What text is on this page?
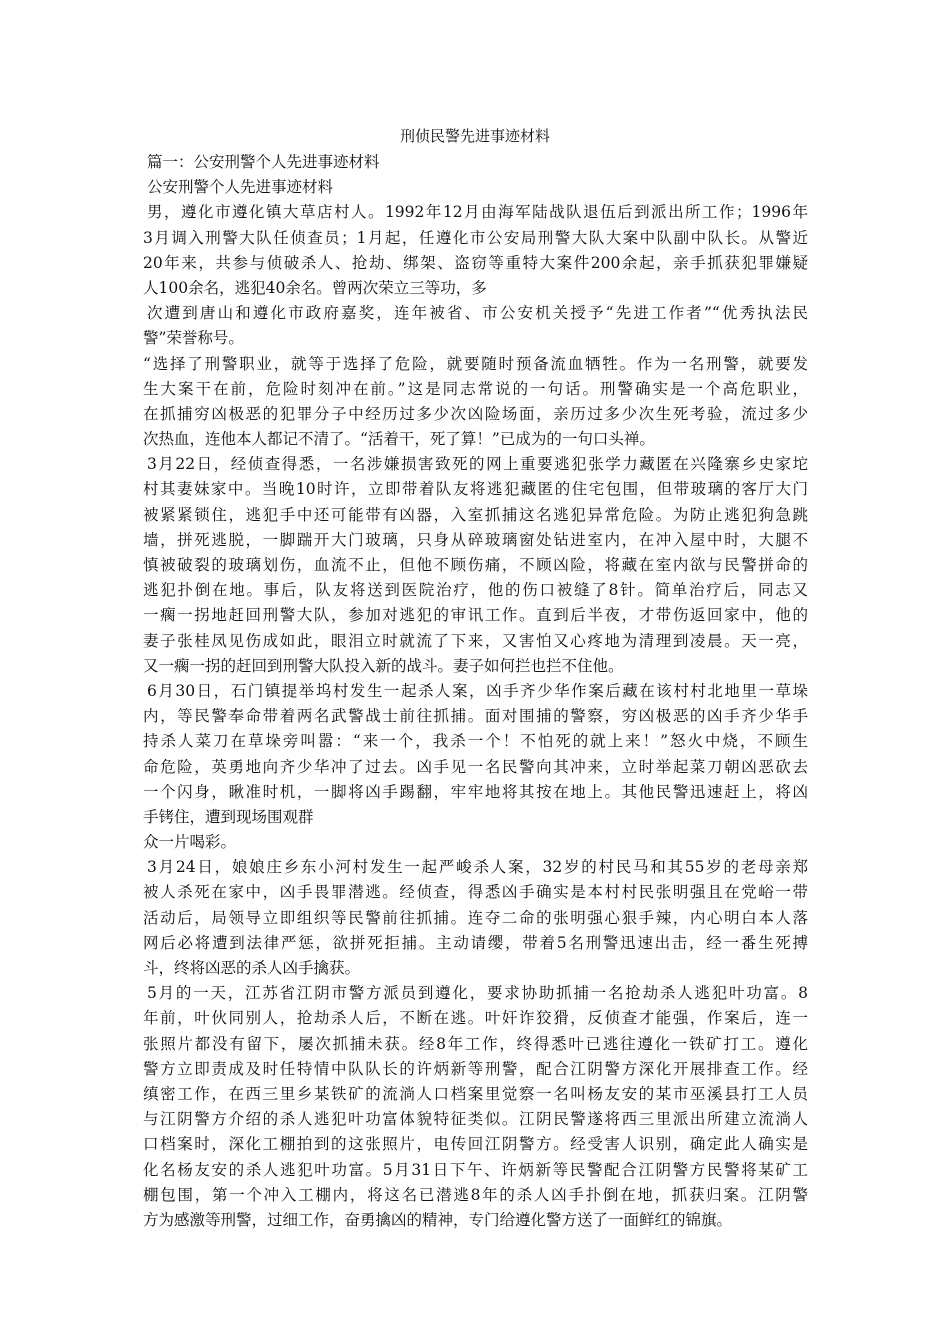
刑侦民警先进事迹材料
篇一：公安刑警个人先进事迹材料
公安刑警个人先进事迹材料
男，遵化市遵化镇大草店村人。1992年12月由海军陆战队退伍后到派出所工作；1996年
3月调入刑警大队任侦查员；1月起，任遵化市公安局刑警大队大案中队副中队长。从警近
20年来，共参与侦破杀人、抢劫、绑架、盗窃等重特大案件200余起，亲手抓获犯罪嫌疑
人100余名，逃犯40余名。曾两次荣立三等功，多
次遭到唐山和遵化市政府嘉奖，连年被省、市公安机关授予“先进工作者”“优秀执法民
警”荣誉称号。
“选择了刑警职业，就等于选择了危险，就要随时预备流血牺牲。作为一名刑警，就要发
生大案干在前，危险时刻冲在前。”这是同志常说的一句话。刑警确实是一个高危职业，
在抓捕穷凶极恶的犯罪分子中经历过多少次凶险场面，亲历过多少次生死考验，流过多少
次热血，连他本人都记不清了。“活着干，死了算！”已成为的一句口头禅。
3月22日，经侦查得悉，一名涉嫌损害致死的网上重要逃犯张学力藏匿在兴隆寨乡史家坨
村其妻妹家中。当晚10时许，立即带着队友将逃犯藏匿的住宅包围，但带玻璃的客厅大门
被紧紧锁住，逃犯手中还可能带有凶器，入室抓捕这名逃犯异常危险。为防止逃犯狗急跳
墙，拼死逃脱，一脚踹开大门玻璃，只身从碎玻璃窗处钻进室内，在冲入屋中时，大腿不
慎被破裂的玻璃划伤，血流不止，但他不顾伤痛，不顾凶险，将藏在室内欲与民警拼命的
逃犯扑倒在地。事后，队友将送到医院治疗，他的伤口被缝了8针。简单治疗后，同志又
一瘸一拐地赶回刑警大队，参加对逃犯的审讯工作。直到后半夜，才带伤返回家中，他的
妻子张桂凤见伤成如此，眼泪立时就流了下来，又害怕又心疼地为清理到凌晨。天一亮，
又一瘸一拐的赶回到刑警大队投入新的战斗。妻子如何拦也拦不住他。
6月30日，石门镇提举坞村发生一起杀人案，凶手齐少华作案后藏在该村村北地里一草垛
内，等民警奉命带着两名武警战士前往抓捕。面对围捕的警察，穷凶极恶的凶手齐少华手
持杀人菜刀在草垛旁叫嚣：“来一个，我杀一个！不怕死的就上来！”怒火中烧，不顾生
命危险，英勇地向齐少华冲了过去。凶手见一名民警向其冲来，立时举起菜刀朝凶恶砍去
一个闪身，瞅准时机，一脚将凶手踢翻，牢牢地将其按在地上。其他民警迅速赶上，将凶
手铐住，遭到现场围观群
众一片喝彩。
3月24日，娘娘庄乡东小河村发生一起严峻杀人案，32岁的村民马和其55岁的老母亲郑
被人杀死在家中，凶手畏罪潜逃。经侦查，得悉凶手确实是本村村民张明强且在党峪一带
活动后，局领导立即组织等民警前往抓捕。连夺二命的张明强心狠手辣，内心明白本人落
网后必将遭到法律严惩，欲拼死拒捕。主动请缨，带着5名刑警迅速出击，经一番生死搏
斗，终将凶恶的杀人凶手擒获。
5月的一天，江苏省江阴市警方派员到遵化，要求协助抓捕一名抢劫杀人逃犯叶功富。8
年前，叶伙同别人，抢劫杀人后，不断在逃。叶奸诈狡猾，反侦查才能强，作案后，连一
张照片都没有留下，屡次抓捕未获。经8年工作，终得悉叶已逃往遵化一铁矿打工。遵化
警方立即责成及时任特情中队队长的许炳新等刑警，配合江阴警方深化开展排查工作。经
缜密工作，在西三里乡某铁矿的流淌人口档案里觉察一名叫杨友安的某市巫溪县打工人员
与江阴警方介绍的杀人逃犯叶功富体貌特征类似。江阴民警遂将西三里派出所建立流淌人
口档案时，深化工棚拍到的这张照片，电传回江阴警方。经受害人识别，确定此人确实是
化名杨友安的杀人逃犯叶功富。5月31日下午、许炳新等民警配合江阴警方民警将某矿工
棚包围，第一个冲入工棚内，将这名已潜逃8年的杀人凶手扑倒在地，抓获归案。江阴警
方为感激等刑警，过细工作，奋勇擒凶的精神，专门给遵化警方送了一面鲜红的锦旗。
